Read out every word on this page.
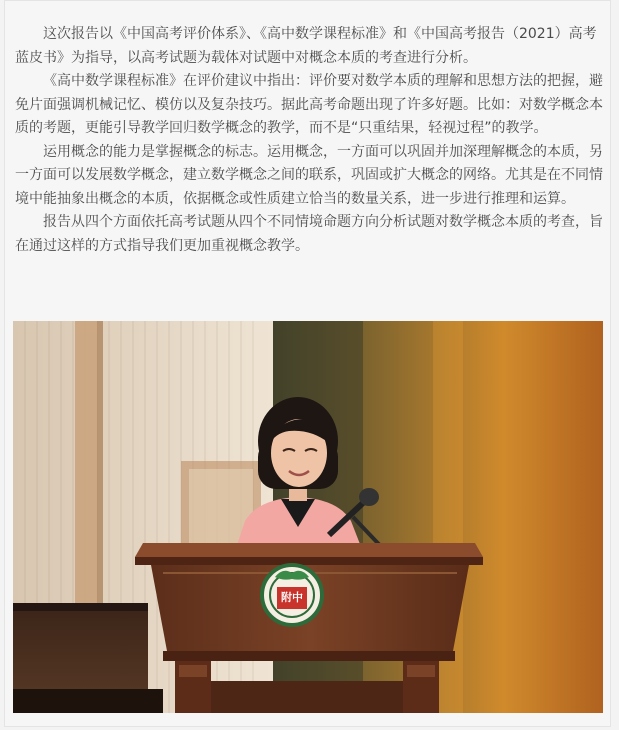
这次报告以《中国高考评价体系》、《高中数学课程标准》和《中国高考报告（2021）高考蓝皮书》为指导，以高考试题为载体对试题中对概念本质的考查进行分析。

《高中数学课程标准》在评价建议中指出：评价要对数学本质的理解和思想方法的把握，避免片面强调机械记忆、模仿以及复杂技巧。据此高考命题出现了许多好题。比如：对数学概念本质的考题，更能引导教学回归数学概念的教学，而不是“只重结果，轻视过程”的教学。

运用概念的能力是掌握概念的标志。运用概念，一方面可以巩固并加深理解概念的本质，另一方面可以发展数学概念，建立数学概念之间的联系，巩固或扩大概念的网络。尤其是在不同情境中能抽象出概念的本质，依据概念或性质建立恰当的数量关系，进一步进行推理和运算。

报告从四个方面依托高考试题从四个不同情境命题方向分析试题对数学概念本质的考查，旨在通过这样的方式指导我们更加重视概念教学。

附中
